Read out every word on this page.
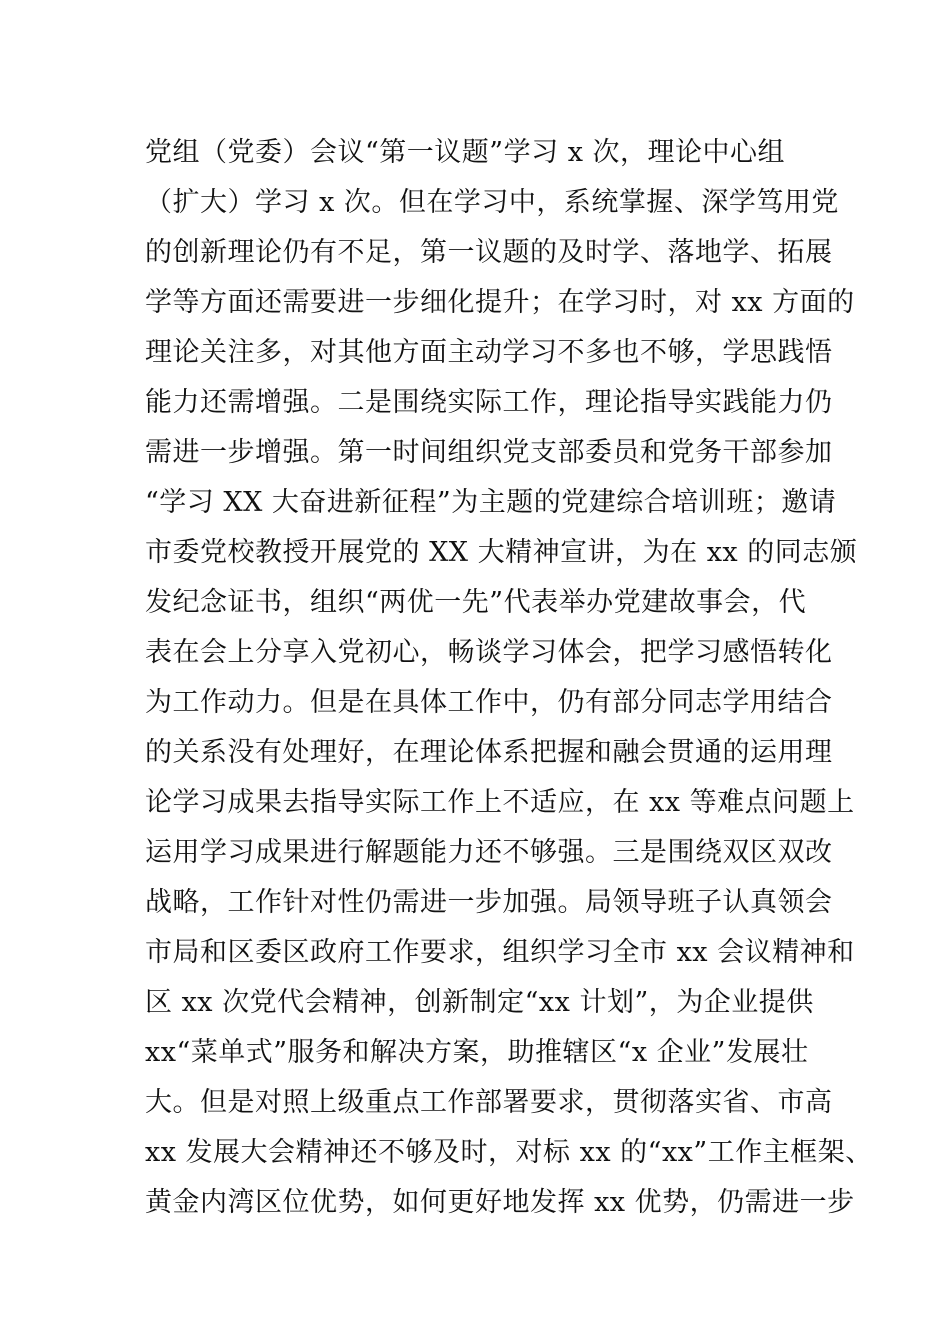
党组（党委）会议“第一议题”学习 x 次，理论中心组
（扩大）学习 x 次。但在学习中，系统掌握、深学笃用党
的创新理论仍有不足，第一议题的及时学、落地学、拓展
学等方面还需要进一步细化提升；在学习时，对 xx 方面的
理论关注多，对其他方面主动学习不多也不够，学思践悟
能力还需增强。二是围绕实际工作，理论指导实践能力仍
需进一步增强。第一时间组织党支部委员和党务干部参加
“学习 XX 大奋进新征程”为主题的党建综合培训班；邀请
市委党校教授开展党的 XX 大精神宣讲，为在 xx 的同志颁
发纪念证书，组织“两优一先”代表举办党建故事会，代
表在会上分享入党初心，畅谈学习体会，把学习感悟转化
为工作动力。但是在具体工作中，仍有部分同志学用结合
的关系没有处理好，在理论体系把握和融会贯通的运用理
论学习成果去指导实际工作上不适应，在 xx 等难点问题上
运用学习成果进行解题能力还不够强。三是围绕双区双改
战略，工作针对性仍需进一步加强。局领导班子认真领会
市局和区委区政府工作要求，组织学习全市 xx 会议精神和
区 xx 次党代会精神，创新制定“xx 计划”，为企业提供
xx“菜单式”服务和解决方案，助推辖区“x 企业”发展壮
大。但是对照上级重点工作部署要求，贯彻落实省、市高
xx 发展大会精神还不够及时，对标 xx 的“xx”工作主框架、
黄金内湾区位优势，如何更好地发挥 xx 优势，仍需进一步
